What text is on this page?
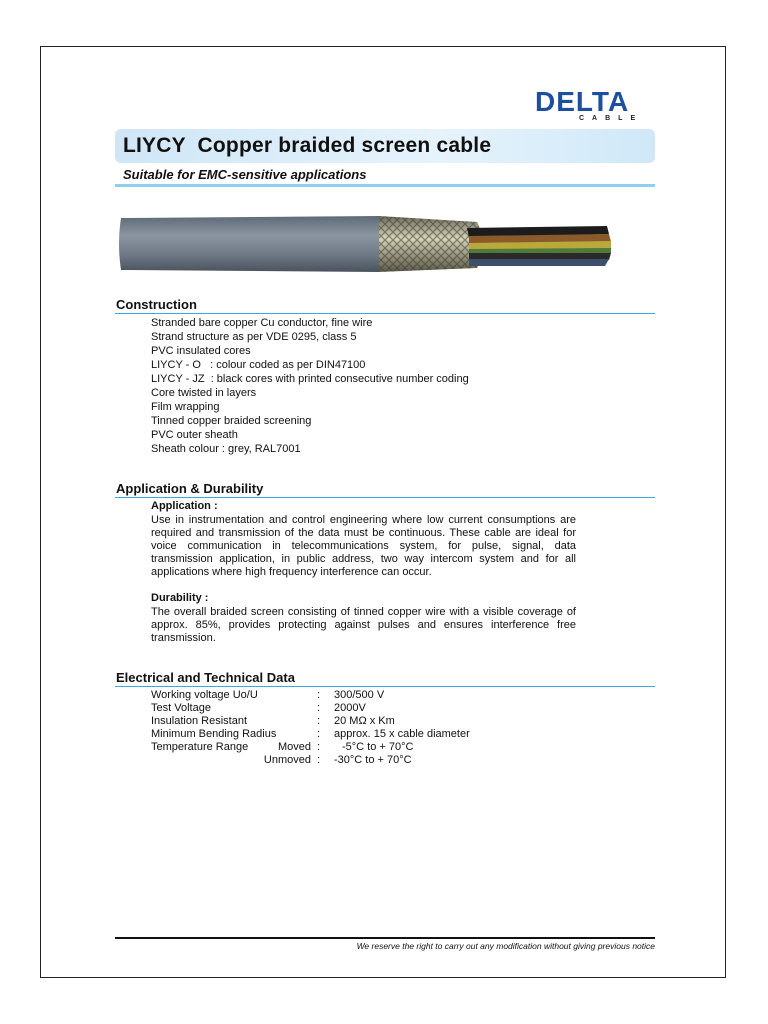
DELTA
CABLE
LIYCY  Copper braided screen cable
Suitable for EMC-sensitive applications
Construction
Stranded bare copper Cu conductor, fine wire
Strand structure as per VDE 0295, class 5
PVC insulated cores
LIYCY - O   : colour coded as per DIN47100
LIYCY - JZ  : black cores with printed consecutive number coding
Core twisted in layers
Film wrapping
Tinned copper braided screening
PVC outer sheath
Sheath colour : grey, RAL7001
Application & Durability
Application :
Use in instrumentation and control engineering where low current consumptions are required and transmission of the data must be continuous. These cable are ideal for voice communication in telecommunications system, for pulse, signal, data transmission application, in public address, two way intercom system and for all applications where high frequency interference can occur.
Durability :
The overall braided screen consisting of tinned copper wire with a visible coverage of approx. 85%, provides protecting against pulses and ensures interference free transmission.
Electrical and Technical Data
Working voltage Uo/U		:	300/500 V
Test Voltage		:	2000V
Insulation Resistant		:	20 MΩ x Km
Minimum Bending Radius		:	approx. 15 x cable diameter
Temperature Range	Moved	:	-5°C to + 70°C
	Unmoved	:	-30°C to + 70°C
We reserve the right to carry out any modification without giving previous notice
